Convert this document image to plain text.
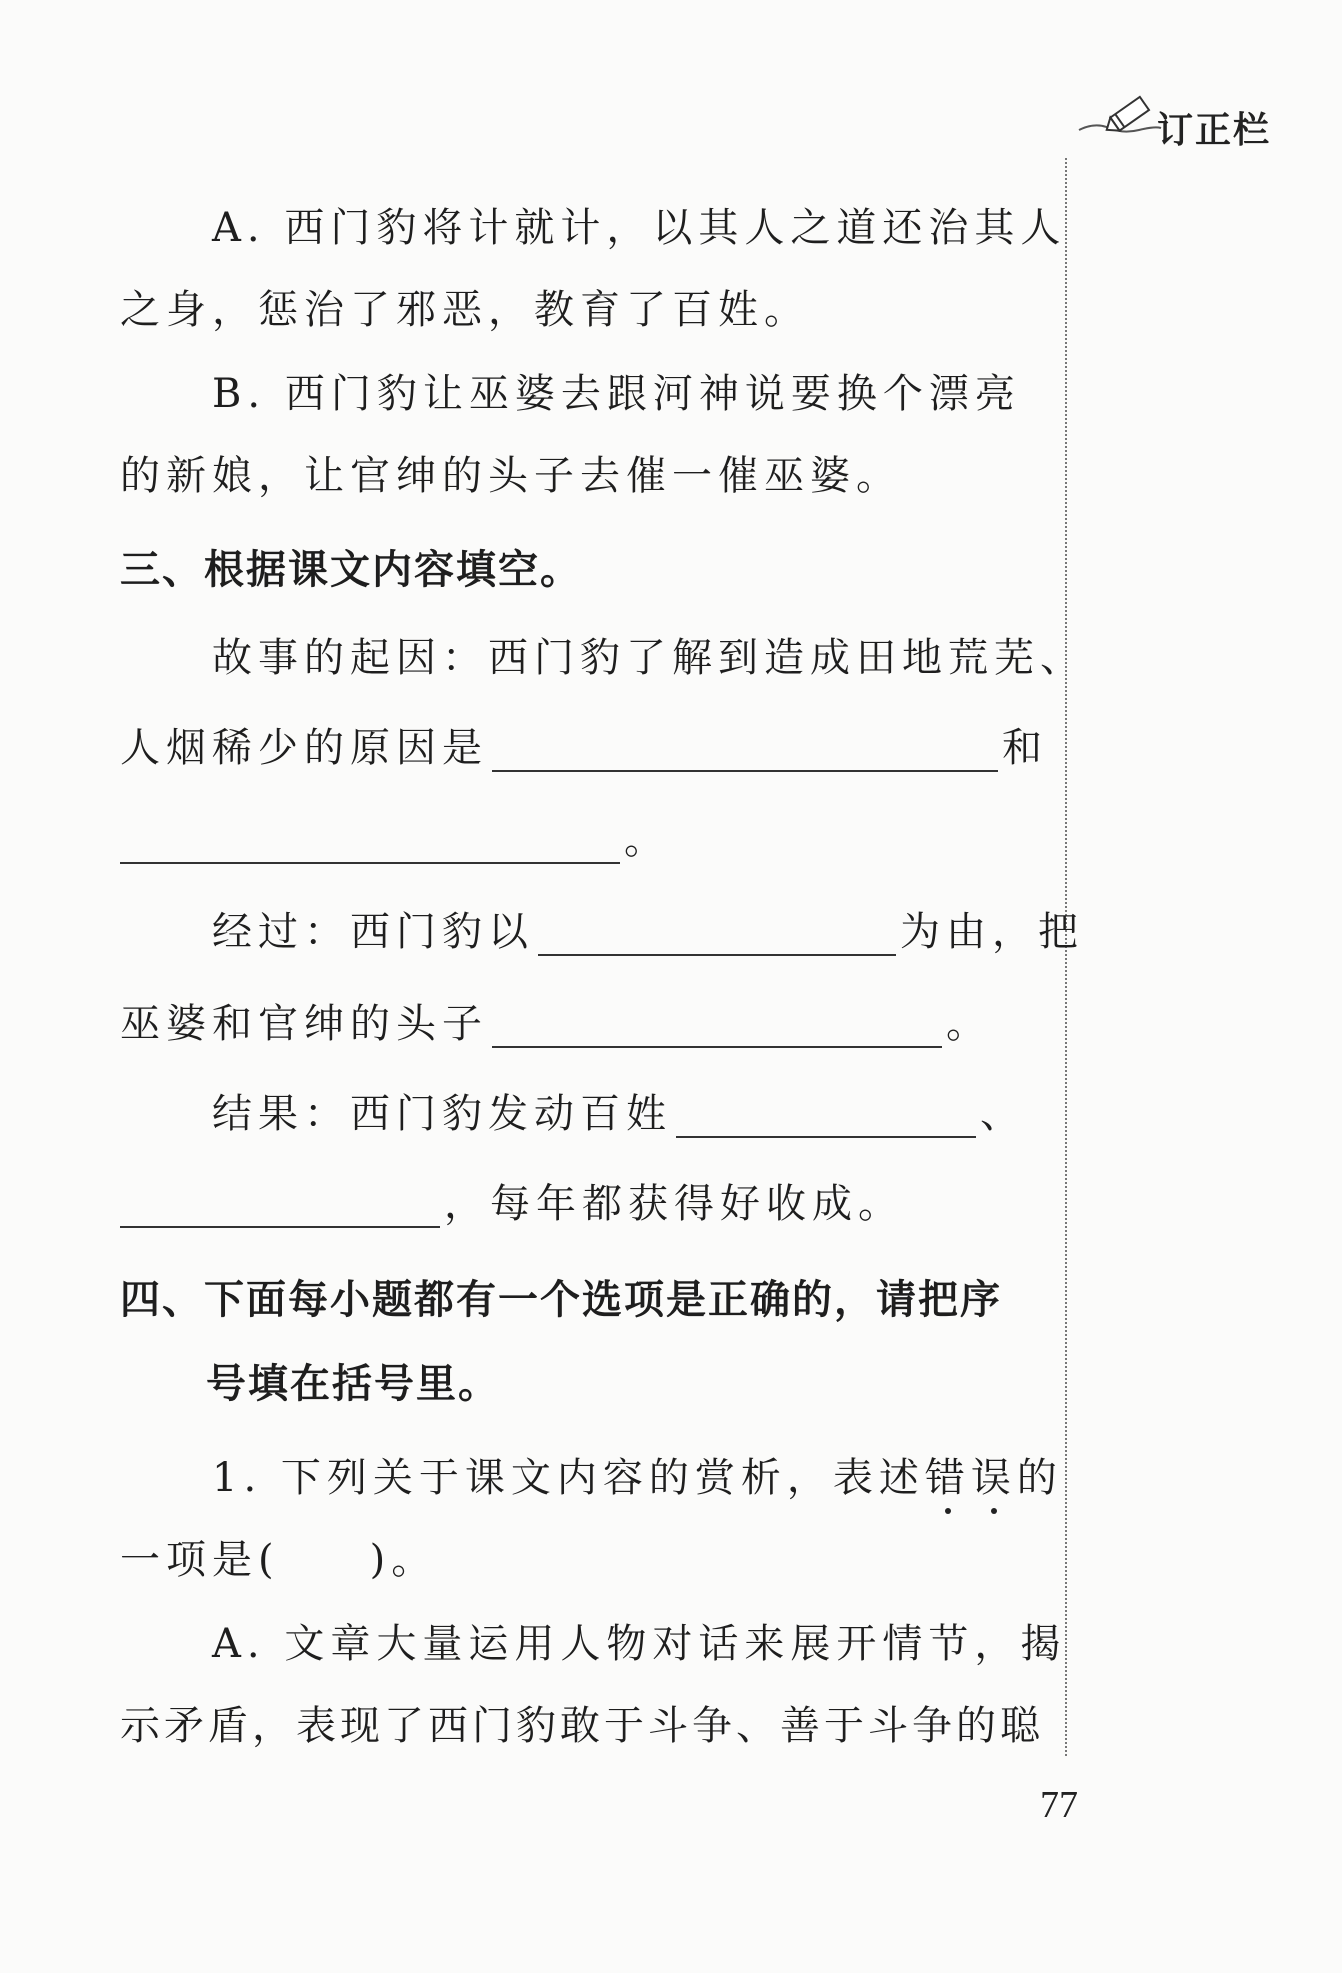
订正栏
A. 西门豹将计就计，以其人之道还治其人
之身，惩治了邪恶，教育了百姓。
B. 西门豹让巫婆去跟河神说要换个漂亮
的新娘，让官绅的头子去催一催巫婆。
三、根据课文内容填空。
故事的起因：西门豹了解到造成田地荒芜、
人烟稀少的原因是	和
。
经过：西门豹以	为由，把
巫婆和官绅的头子	。
结果：西门豹发动百姓	、
，每年都获得好收成。
四、下面每小题都有一个选项是正确的，请把序
号填在括号里。
1. 下列关于课文内容的赏析，表述错误的
一项是( )。
A. 文章大量运用人物对话来展开情节，揭
示矛盾，表现了西门豹敢于斗争、善于斗争的聪
77
